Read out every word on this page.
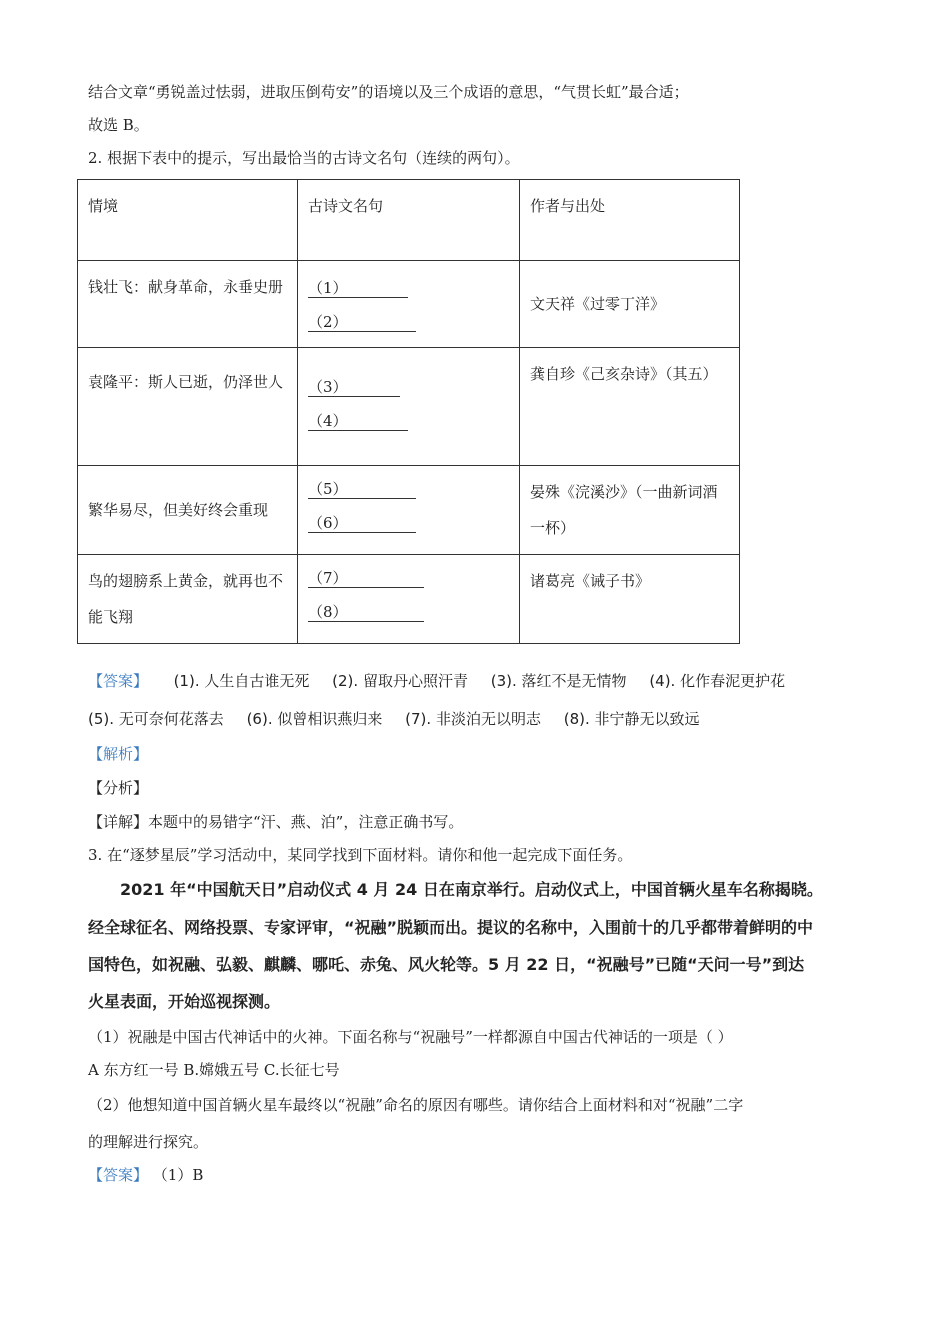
结合文章“勇锐盖过怯弱，进取压倒苟安”的语境以及三个成语的意思，“气贯长虹”最合适；
故选 B。
2. 根据下表中的提示，写出最恰当的古诗文名句（连续的两句）。
情境	古诗文名句	作者与出处
钱壮飞：献身革命，永垂史册	（1）
（2）	文天祥《过零丁洋》
袁隆平：斯人已逝，仍泽世人	（3）
（4）	龚自珍《己亥杂诗》（其五）
繁华易尽，但美好终会重现	（5）
（6）	晏殊《浣溪沙》（一曲新词酒一杯）
鸟的翅膀系上黄金，就再也不能飞翔	（7）
（8）	诸葛亮《诫子书》
【答案】 (1). 人生自古谁无死 (2). 留取丹心照汗青 (3). 落红不是无情物 (4). 化作春泥更护花
(5). 无可奈何花落去 (6). 似曾相识燕归来 (7). 非淡泊无以明志 (8). 非宁静无以致远
【解析】
【分析】
【详解】本题中的易错字“汗、燕、泊”，注意正确书写。
3. 在“逐梦星辰”学习活动中，某同学找到下面材料。请你和他一起完成下面任务。
2021 年“中国航天日”启动仪式 4 月 24 日在南京举行。启动仪式上，中国首辆火星车名称揭晓。
经全球征名、网络投票、专家评审，“祝融”脱颖而出。提议的名称中，入围前十的几乎都带着鲜明的中
国特色，如祝融、弘毅、麒麟、哪吒、赤兔、风火轮等。5 月 22 日，“祝融号”已随“天问一号”到达
火星表面，开始巡视探测。
（1）祝融是中国古代神话中的火神。下面名称与“祝融号”一样都源自中国古代神话的一项是（ ）
A 东方红一号 B.嫦娥五号 C.长征七号
（2）他想知道中国首辆火星车最终以“祝融”命名的原因有哪些。请你结合上面材料和对“祝融”二字
的理解进行探究。
【答案】 （1）B
